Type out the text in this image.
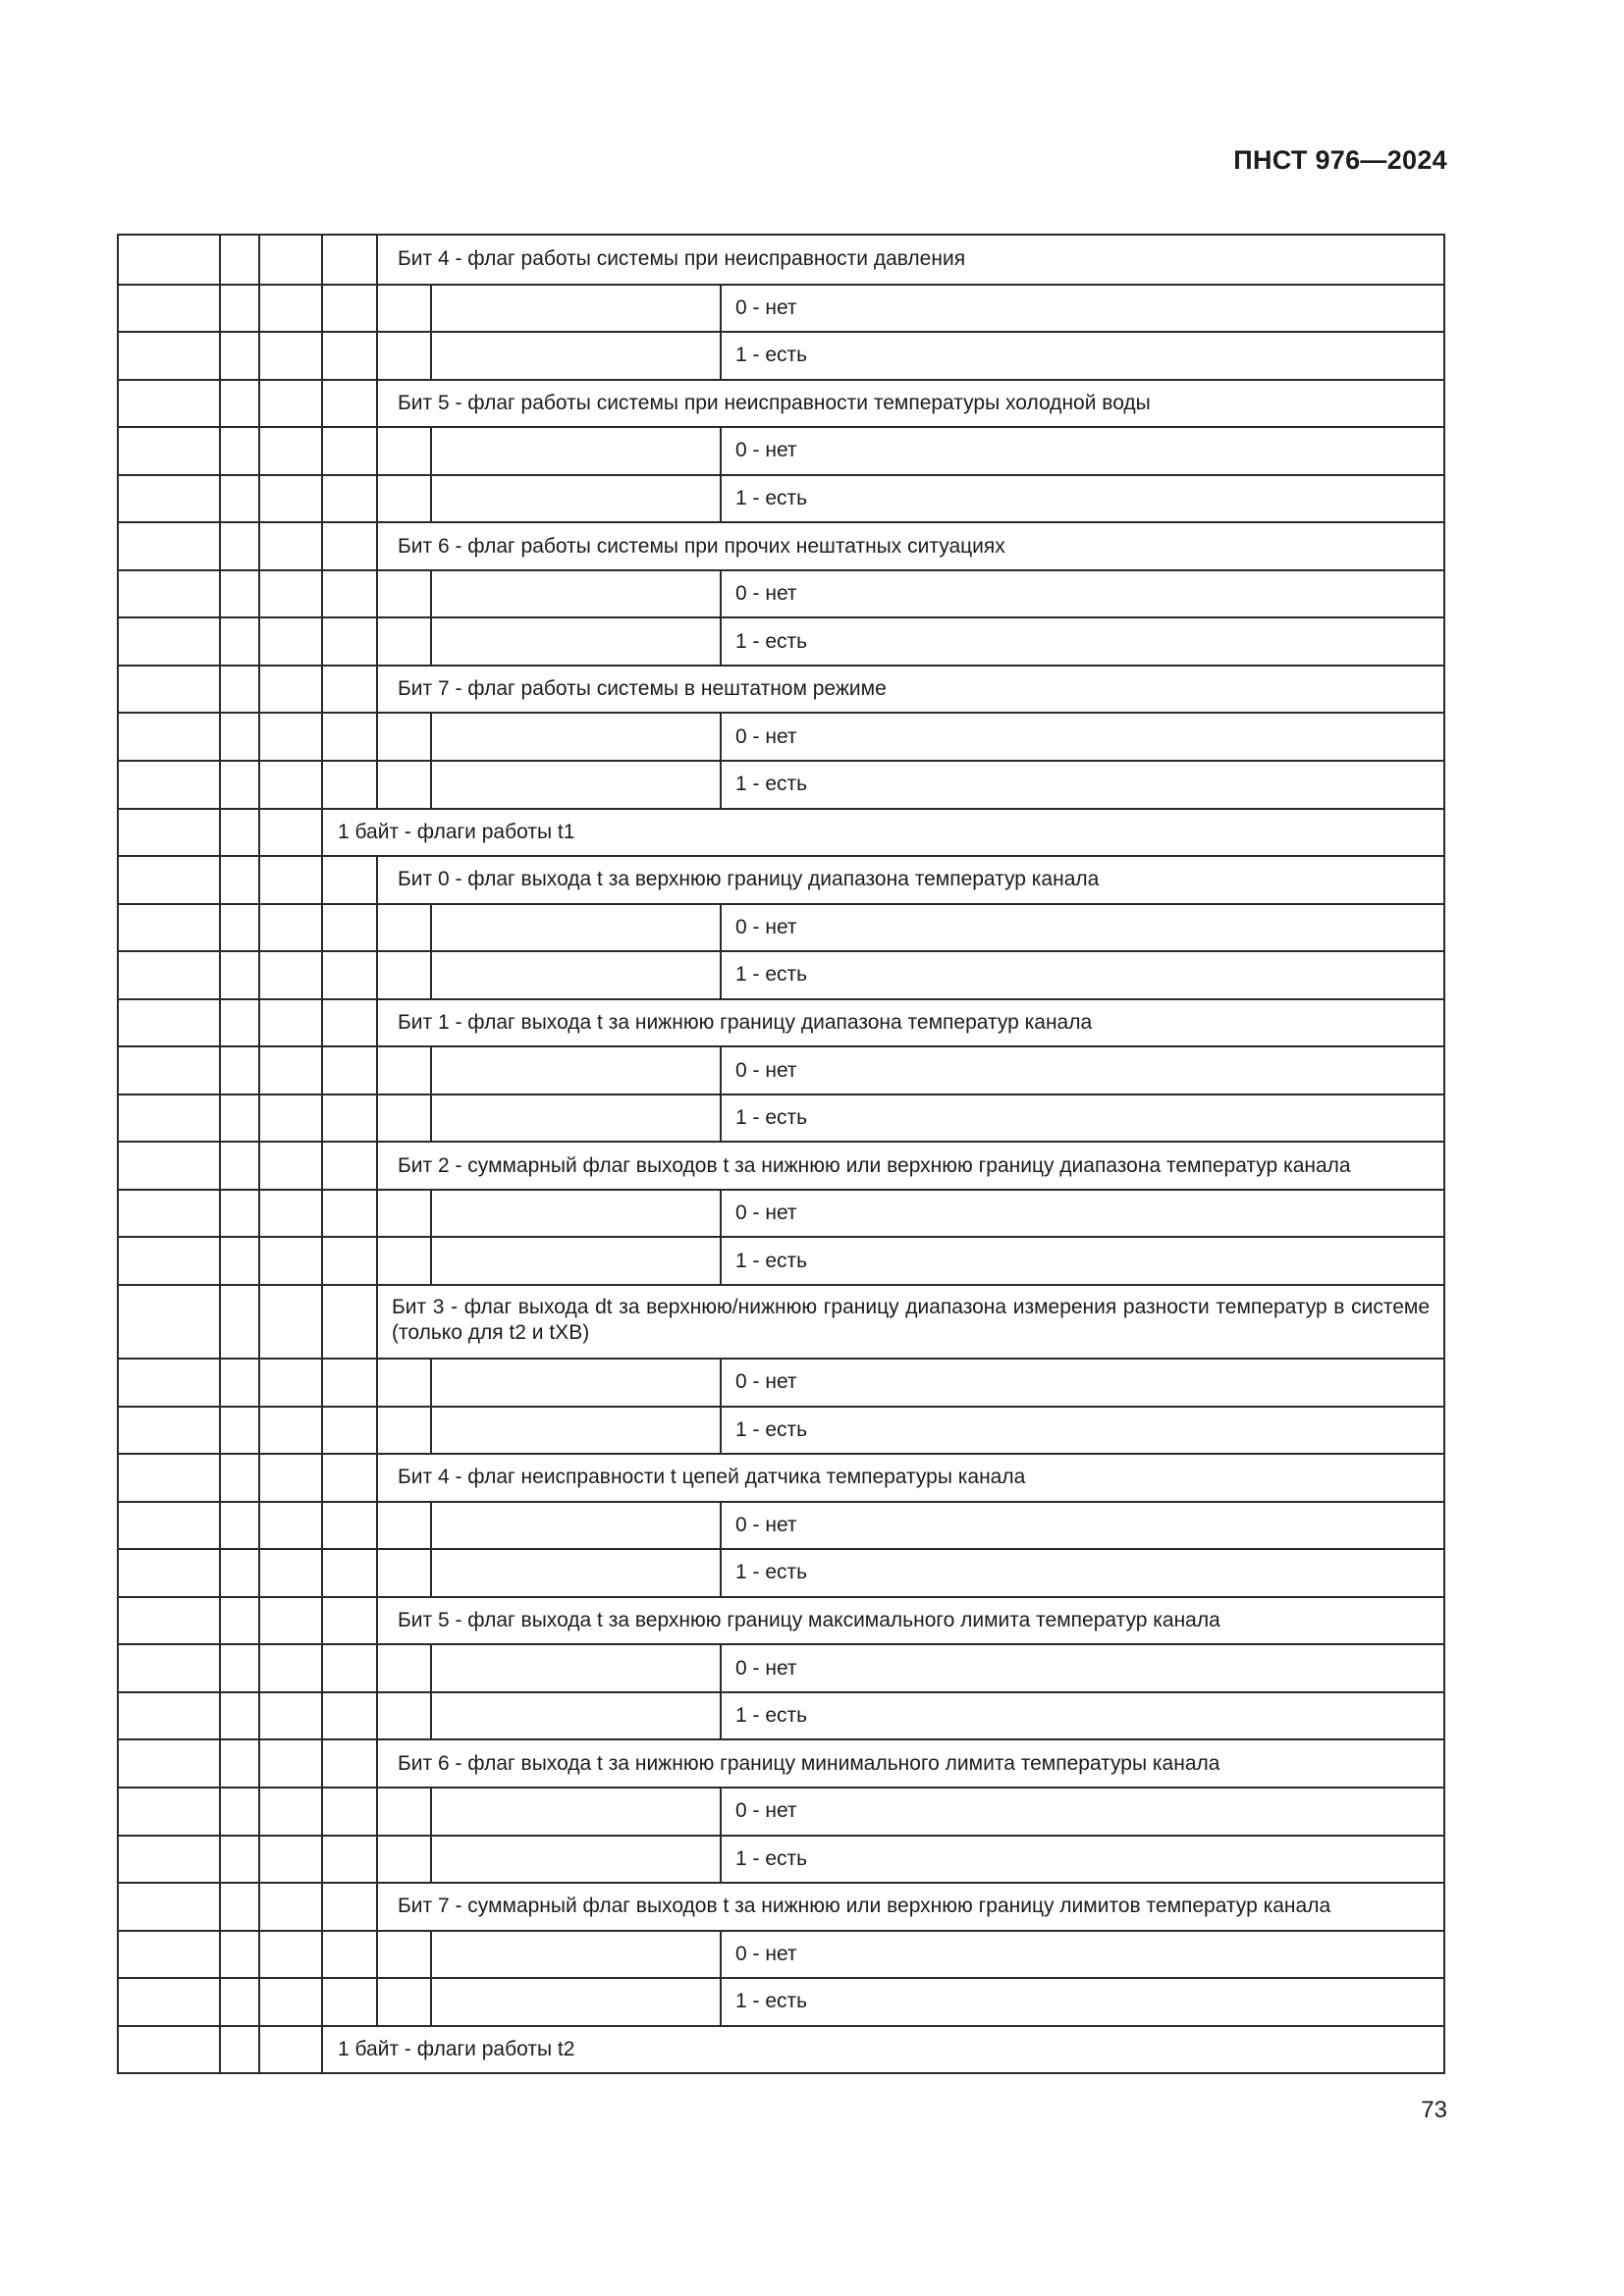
ПНСТ 976—2024
Бит 4 - флаг работы системы при неисправности давления
0 - нет
1 - есть
Бит 5 - флаг работы системы при неисправности температуры холодной воды
0 - нет
1 - есть
Бит 6 - флаг работы системы при прочих нештатных ситуациях
0 - нет
1 - есть
Бит 7 - флаг работы системы в нештатном режиме
0 - нет
1 - есть
1 байт - флаги работы t1
Бит 0 - флаг выхода t за верхнюю границу диапазона температур канала
0 - нет
1 - есть
Бит 1 - флаг выхода t за нижнюю границу диапазона температур канала
0 - нет
1 - есть
Бит 2 - суммарный флаг выходов t за нижнюю или верхнюю границу диапазона температур канала
0 - нет
1 - есть
Бит 3 - флаг выхода dt за верхнюю/нижнюю границу диапазона измерения разности температур в системе (только для t2 и tXB)
0 - нет
1 - есть
Бит 4 - флаг неисправности t цепей датчика температуры канала
0 - нет
1 - есть
Бит 5 - флаг выхода t за верхнюю границу максимального лимита температур канала
0 - нет
1 - есть
Бит 6 - флаг выхода t за нижнюю границу минимального лимита температуры канала
0 - нет
1 - есть
Бит 7 - суммарный флаг выходов t за нижнюю или верхнюю границу лимитов температур канала
0 - нет
1 - есть
1 байт - флаги работы t2
73
